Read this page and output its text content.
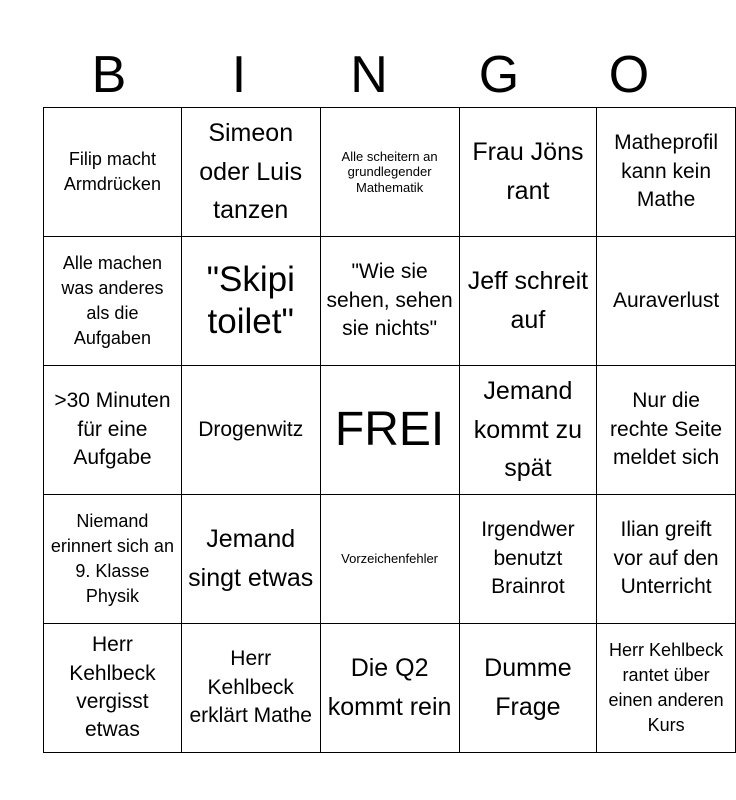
B	I	N	G	O
Filip macht Armdrücken	Simeon oder Luis tanzen	Alle scheitern an grundlegender Mathematik	Frau Jöns rant	Matheprofil kann kein Mathe
Alle machen was anderes als die Aufgaben	"Skipi toilet"	"Wie sie sehen, sehen sie nichts"	Jeff schreit auf	Auraverlust
>30 Minuten für eine Aufgabe	Drogenwitz	FREI	Jemand kommt zu spät	Nur die rechte Seite meldet sich
Niemand erinnert sich an 9. Klasse Physik	Jemand singt etwas	Vorzeichenfehler	Irgendwer benutzt Brainrot	Ilian greift vor auf den Unterricht
Herr Kehlbeck vergisst etwas	Herr Kehlbeck erklärt Mathe	Die Q2 kommt rein	Dumme Frage	Herr Kehlbeck rantet über einen anderen Kurs
